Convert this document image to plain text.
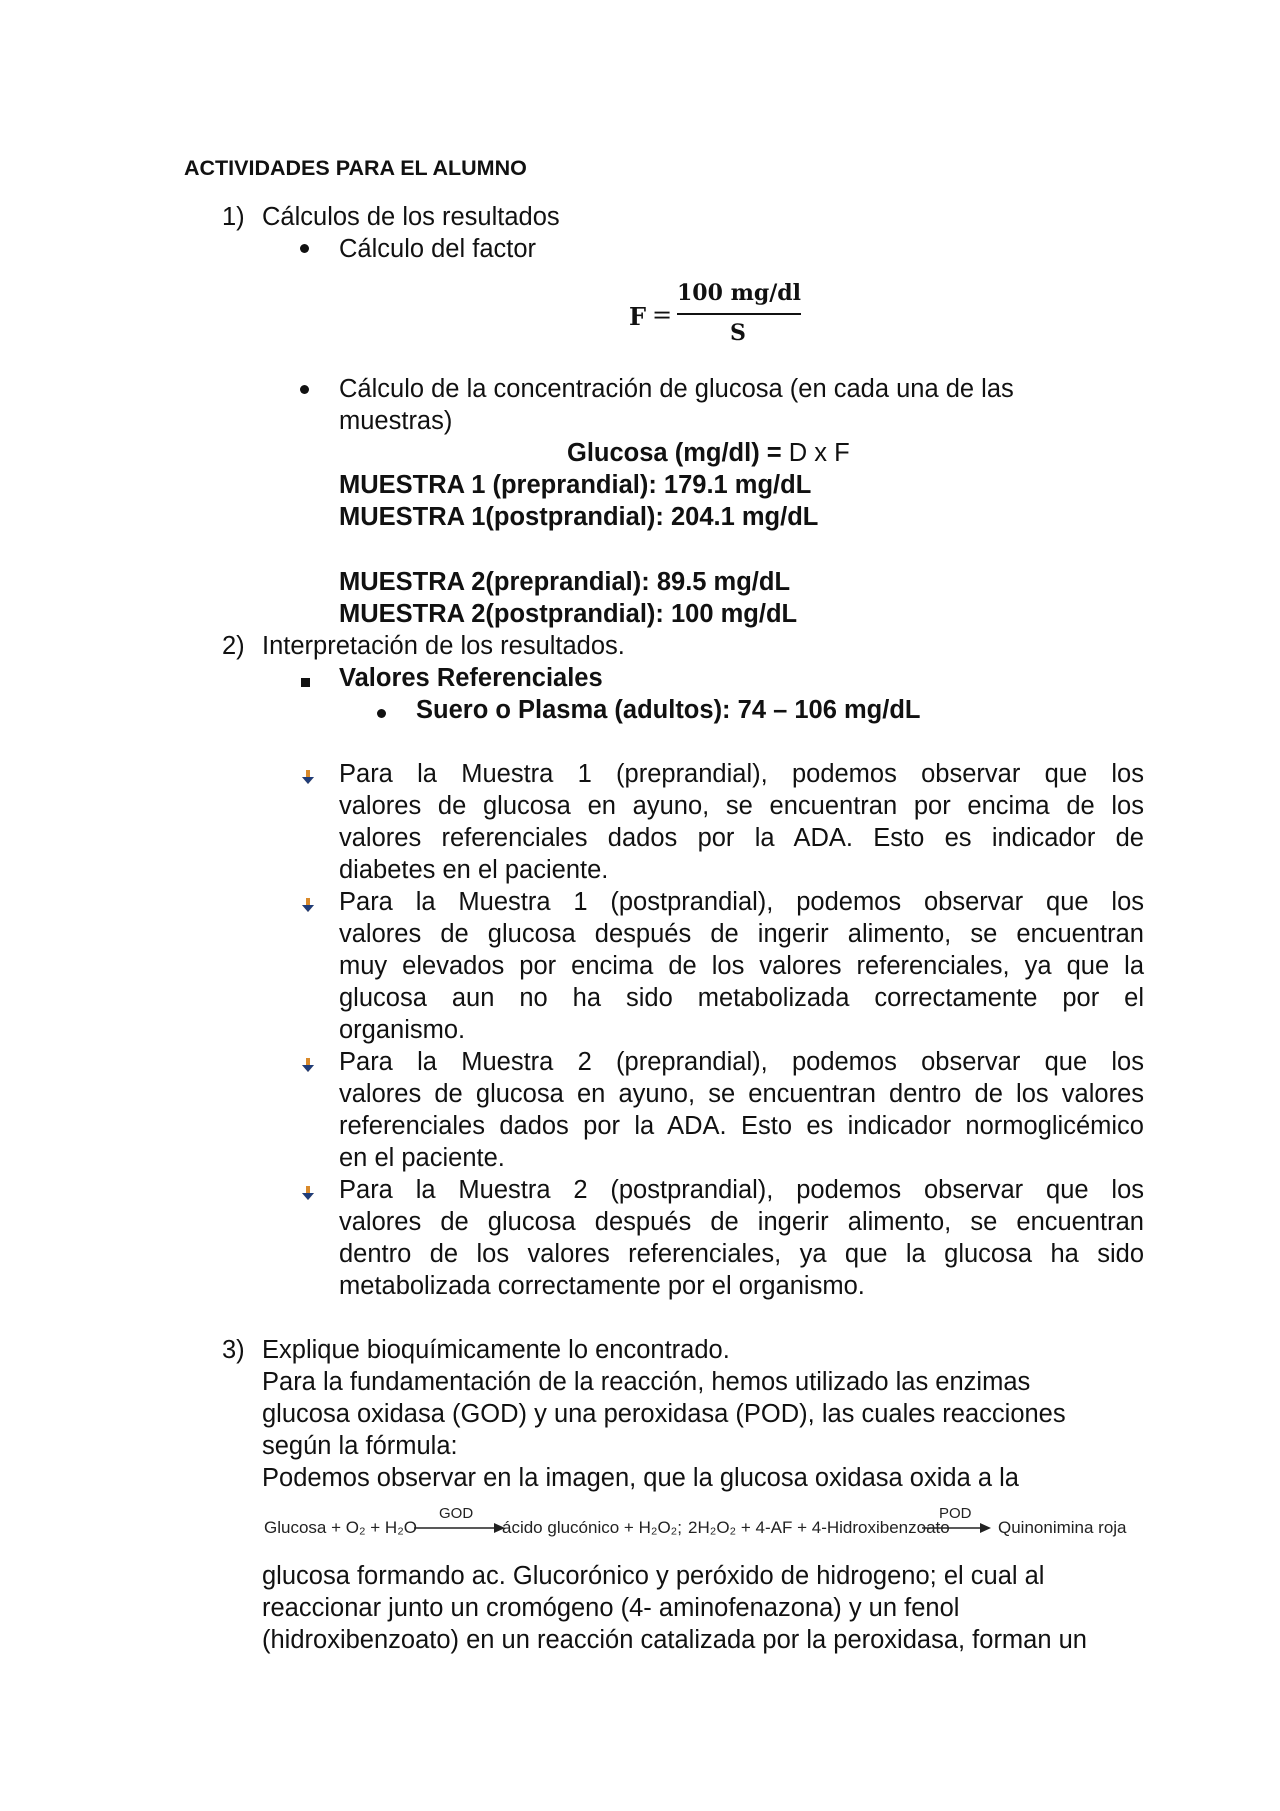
ACTIVIDADES PARA EL ALUMNO
1) Cálculos de los resultados
Cálculo del factor
F =
100 mg/dl
S
Cálculo de la concentración de glucosa (en cada una de las
muestras)
Glucosa (mg/dl) = D x F
MUESTRA 1 (preprandial): 179.1 mg/dL
MUESTRA 1(postprandial): 204.1 mg/dL
MUESTRA 2(preprandial): 89.5 mg/dL
MUESTRA 2(postprandial): 100 mg/dL
2) Interpretación de los resultados.
Valores Referenciales
Suero o Plasma (adultos): 74 – 106 mg/dL
Para la Muestra 1 (preprandial), podemos observar que los
valores de glucosa en ayuno, se encuentran por encima de los
valores referenciales dados por la ADA. Esto es indicador de
diabetes en el paciente.
Para la Muestra 1 (postprandial), podemos observar que los
valores de glucosa después de ingerir alimento, se encuentran
muy elevados por encima de los valores referenciales, ya que la
glucosa aun no ha sido metabolizada correctamente por el
organismo.
Para la Muestra 2 (preprandial), podemos observar que los
valores de glucosa en ayuno, se encuentran dentro de los valores
referenciales dados por la ADA. Esto es indicador normoglicémico
en el paciente.
Para la Muestra 2 (postprandial), podemos observar que los
valores de glucosa después de ingerir alimento, se encuentran
dentro de los valores referenciales, ya que la glucosa ha sido
metabolizada correctamente por el organismo.
3) Explique bioquímicamente lo encontrado.
Para la fundamentación de la reacción, hemos utilizado las enzimas
glucosa oxidasa (GOD) y una peroxidasa (POD), las cuales reacciones
según la fórmula:
Podemos observar en la imagen, que la glucosa oxidasa oxida a la
Glucosa + O₂ + H₂O
GOD
ácido glucónico + H₂O₂; 2H₂O₂ + 4-AF + 4-Hidroxibenzoato
POD
Quinonimina roja
glucosa formando ac. Glucorónico y peróxido de hidrogeno; el cual al
reaccionar junto un cromógeno (4- aminofenazona) y un fenol
(hidroxibenzoato) en un reacción catalizada por la peroxidasa, forman un
